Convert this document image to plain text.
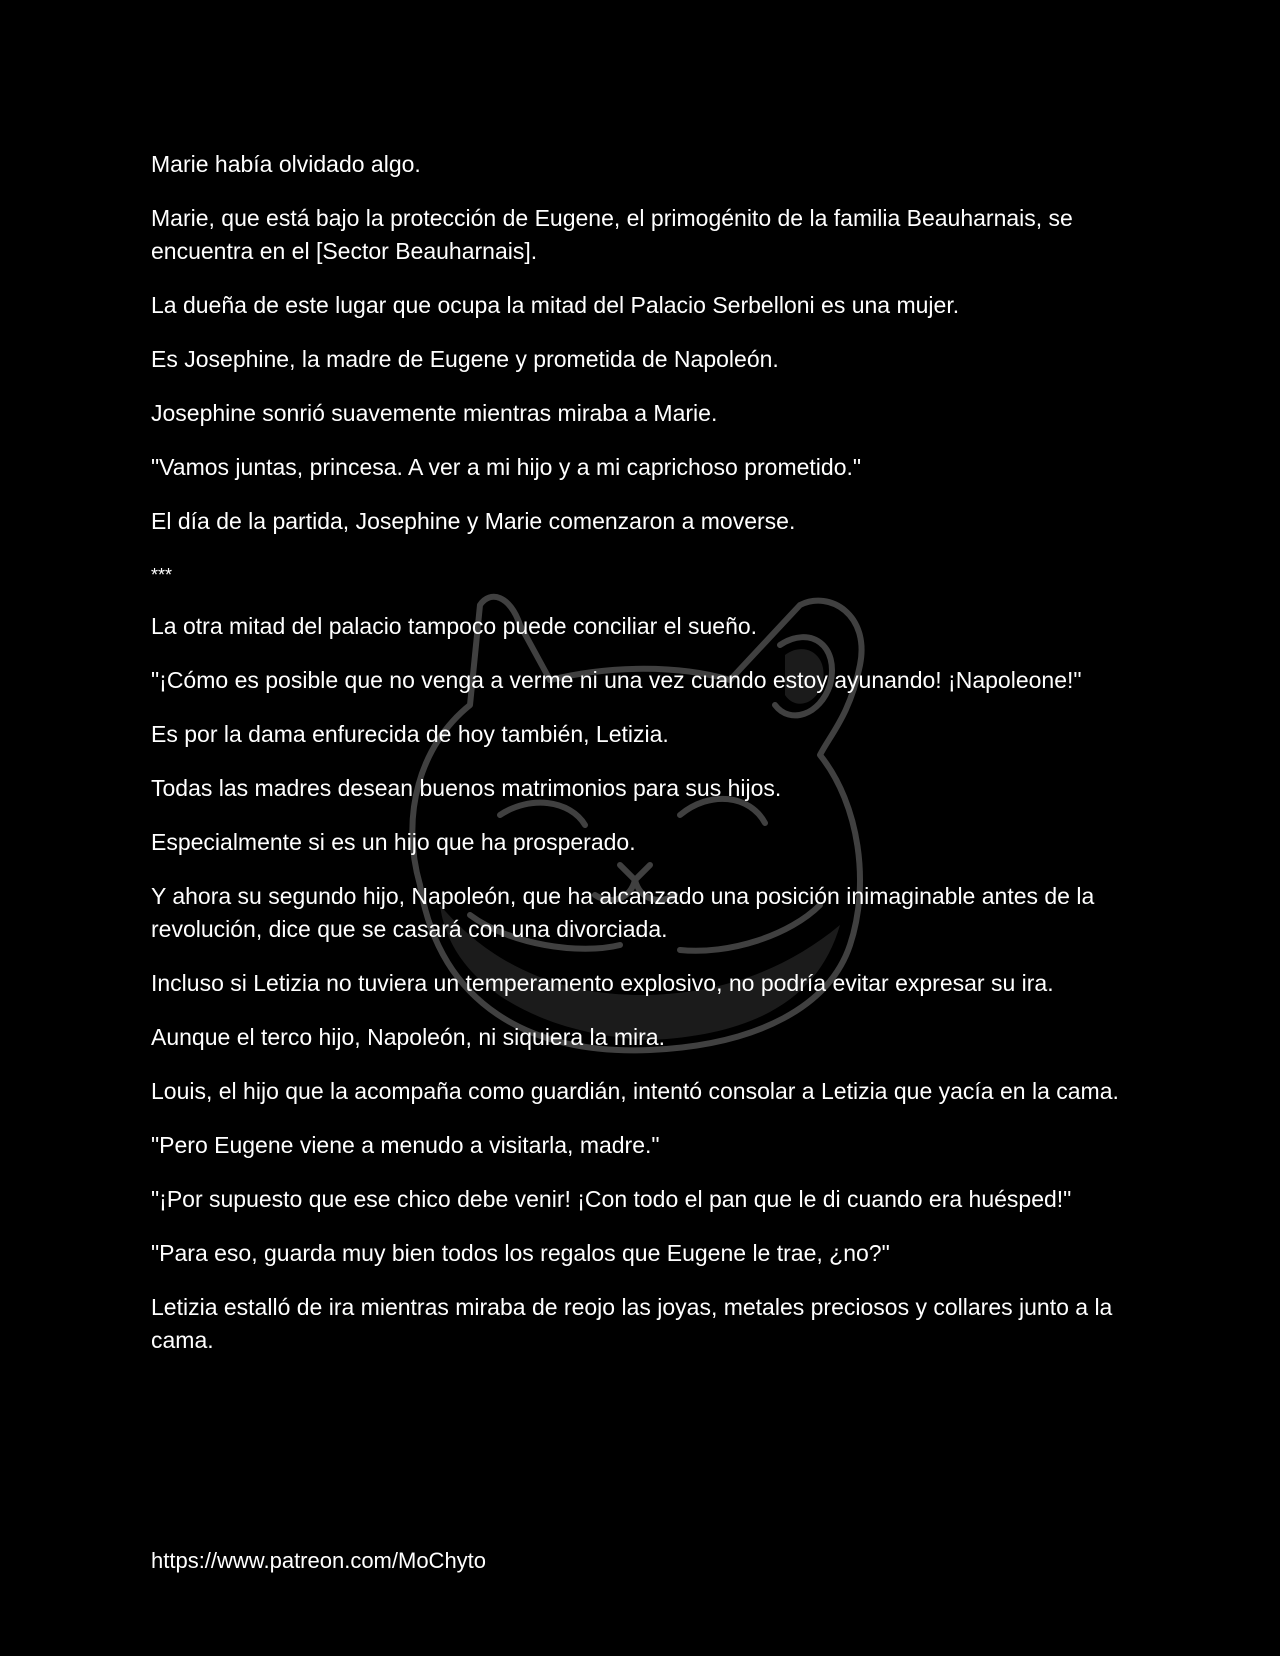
Marie había olvidado algo.

Marie, que está bajo la protección de Eugene, el primogénito de la familia Beauharnais, se encuentra en el [Sector Beauharnais].

La dueña de este lugar que ocupa la mitad del Palacio Serbelloni es una mujer.

Es Josephine, la madre de Eugene y prometida de Napoleón.

Josephine sonrió suavemente mientras miraba a Marie.

"Vamos juntas, princesa. A ver a mi hijo y a mi caprichoso prometido."

El día de la partida, Josephine y Marie comenzaron a moverse.

***

La otra mitad del palacio tampoco puede conciliar el sueño.

"¡Cómo es posible que no venga a verme ni una vez cuando estoy ayunando! ¡Napoleone!"

Es por la dama enfurecida de hoy también, Letizia.

Todas las madres desean buenos matrimonios para sus hijos.

Especialmente si es un hijo que ha prosperado.

Y ahora su segundo hijo, Napoleón, que ha alcanzado una posición inimaginable antes de la revolución, dice que se casará con una divorciada.

Incluso si Letizia no tuviera un temperamento explosivo, no podría evitar expresar su ira.

Aunque el terco hijo, Napoleón, ni siquiera la mira.

Louis, el hijo que la acompaña como guardián, intentó consolar a Letizia que yacía en la cama.

"Pero Eugene viene a menudo a visitarla, madre."

"¡Por supuesto que ese chico debe venir! ¡Con todo el pan que le di cuando era huésped!"

"Para eso, guarda muy bien todos los regalos que Eugene le trae, ¿no?"

Letizia estalló de ira mientras miraba de reojo las joyas, metales preciosos y collares junto a la cama.

https://www.patreon.com/MoChyto
